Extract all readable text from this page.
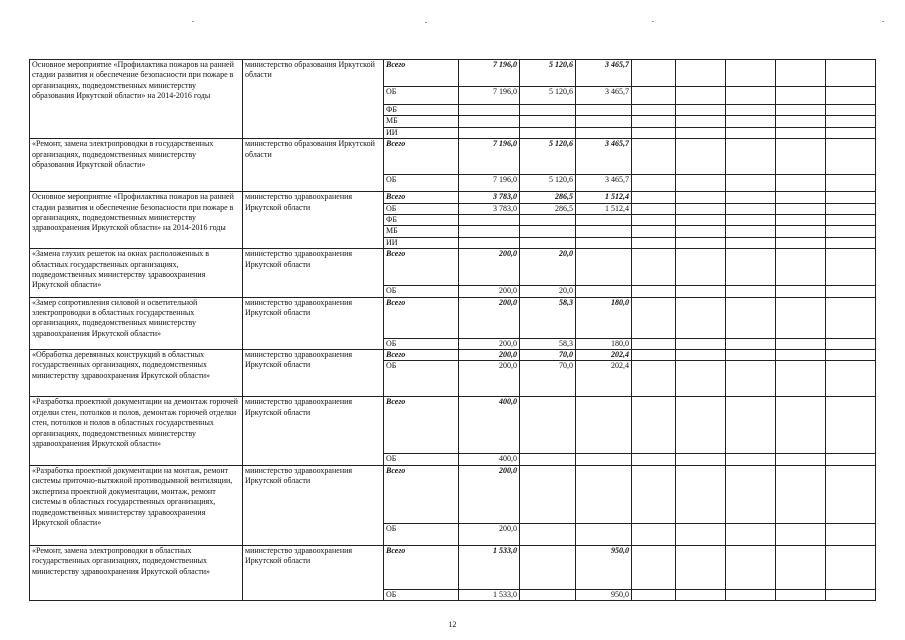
Основное мероприятие «Профилактика пожаров на ранней стадии развития и обеспечение безопасности при пожаре в организациях, подведомственных министерству образования Иркутской области» на 2014-2016 годы	министерство образования Иркутской области	Всего	7 196,0	5 120,6	3 465,7					
		ОБ	7 196,0	5 120,6	3 465,7					
		ФБ								
		МБ								
		ИИ								
«Ремонт, замена электропроводки в государственных организациях, подведомственных министерству образования Иркутской области»	министерство образования Иркутской области	Всего	7 196,0	5 120,6	3 465,7					
		ОБ	7 196,0	5 120,6	3 465,7					
Основное мероприятие «Профилактика пожаров на ранней стадии развития и обеспечение безопасности при пожаре в организациях, подведомственных министерству здравоохранения Иркутской области» на 2014-2016 годы	министерство здравоохранения Иркутской области	Всего	3 783,0	286,5	1 512,4					
		ОБ	3 783,0	286,5	1 512,4					
		ФБ								
		МБ								
		ИИ								
«Замена глухих решеток на окнах расположенных в областных государственных организациях, подведомственных министерству здравоохранения Иркутской области»	министерство здравоохранения Иркутской области	Всего	200,0	20,0						
		ОБ	200,0	20,0						
«Замер сопротивления силовой и осветительной электропроводки в областных государственных организациях, подведомственных министерству здравоохранения Иркутской области»	министерство здравоохранения Иркутской области	Всего	200,0	58,3	180,0					
		ОБ	200,0	58,3	180,0					
«Обработка деревянных конструкций в областных государственных организациях, подведомственных министерству здравоохранения Иркутской области»	министерство здравоохранения Иркутской области	Всего	200,0	70,0	202,4					
		ОБ	200,0	70,0	202,4					
«Разработка проектной документации на демонтаж горючей отделки стен, потолков и полов, демонтаж горючей отделки стен, потолков и полов в областных государственных организациях, подведомственных министерству здравоохранения Иркутской области»	министерство здравоохранения Иркутской области	Всего	400,0							
		ОБ	400,0							
«Разработка проектной документации на монтаж, ремонт системы приточно-вытяжной противодымной вентиляции, экспертиза проектной документации, монтаж, ремонт системы в областных государственных организациях, подведомственных министерству здравоохранения Иркутской области»	министерство здравоохранения Иркутской области	Всего	200,0							
		ОБ	200,0							
«Ремонт, замена электропроводки в областных государственных организациях, подведомственных министерству здравоохранения Иркутской области»	министерство здравоохранения Иркутской области	Всего	1 533,0		950,0					
		ОБ	1 533,0		950,0					
12
